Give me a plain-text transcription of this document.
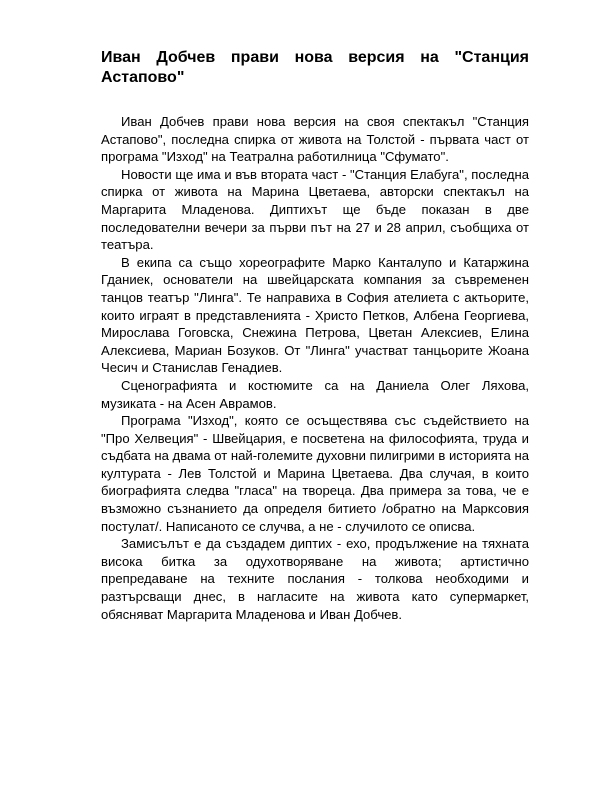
Иван Добчев прави нова версия на "Станция Астапово"

Иван Добчев прави нова версия на своя спектакъл "Станция Астапово", последна спирка от живота на Толстой - първата част от програма "Изход" на Театрална работилница "Сфумато".

Новости ще има и във втората част - "Станция Елабуга", последна спирка от живота на Марина Цветаева, авторски спектакъл на Маргарита Младенова. Диптихът ще бъде показан в две последователни вечери за първи път на 27 и 28 април, съобщиха от театъра.

В екипа са също хореографите Марко Канталупо и Катаржина Гданиек, основатели на швейцарската компания за съвременен танцов театър "Линга". Те направиха в София ателиета с актьорите, които играят в представленията - Христо Петков, Албена Георгиева, Мирослава Гоговска, Снежина Петрова, Цветан Алексиев, Елина Алексиева, Мариан Бозуков. От "Линга" участват танцьорите Жоана Чесич и Станислав Генадиев.

Сценографията и костюмите са на Даниела Олег Ляхова, музиката - на Асен Аврамов.

Програма "Изход", която се осъществява със съдействието на "Про Хелвеция" - Швейцария, е посветена на философията, труда и съдбата на двама от най-големите духовни пилигрими в историята на културата - Лев Толстой и Марина Цветаева. Два случая, в които биографията следва "гласа" на твореца. Два примера за това, че е възможно съзнанието да определя битието /обратно на Марксовия постулат/. Написаното се случва, а не - случилото се описва.

Замисълът е да създадем диптих - ехо, продължение на тяхната висока битка за одухотворяване на живота; артистично препредаване на техните послания - толкова необходими и разтърсващи днес, в нагласите на живота като супермаркет, обясняват Маргарита Младенова и Иван Добчев.
